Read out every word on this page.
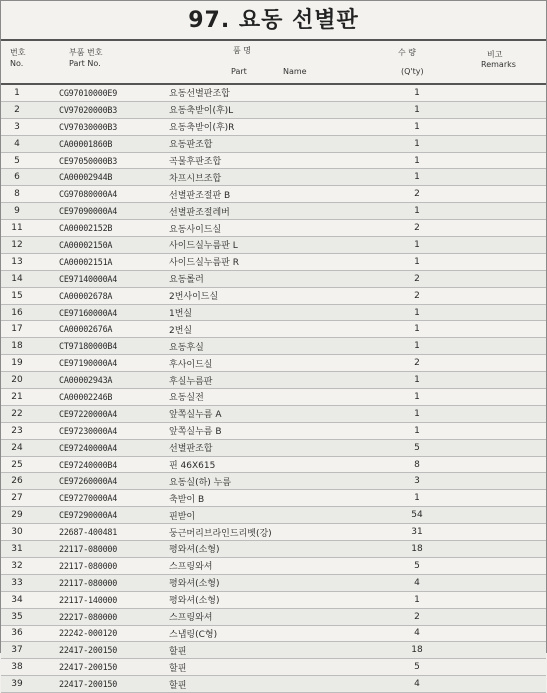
97. 요동 선별판
번호
No.
부품 번호
Part No.
품 명
Part	Name
수 량
(Q'ty)
비고
Remarks
1	CG97010000E9	요동선별판조합	1
2	CV97020000B3	요동축받이(후)L	1
3	CV97030000B3	요동축받이(후)R	1
4	CA00001860B	요동판조합	1
5	CE97050000B3	곡물후판조합	1
6	CA00002944B	차프시브조합	1
8	CG97080000A4	선별판조절판 B	2
9	CE97090000A4	선별판조절레버	1
11	CA00002152B	요동사이드실	2
12	CA00002150A	사이드실누름판 L	1
13	CA00002151A	사이드실누름판 R	1
14	CE97140000A4	요동롤러	2
15	CA00002678A	2번사이드실	2
16	CE97160000A4	1번실	1
17	CA00002676A	2번실	1
18	CT97180000B4	요동후실	1
19	CE97190000A4	후사이드실	2
20	CA00002943A	후실누름판	1
21	CA00002246B	요동실전	1
22	CE97220000A4	앞쪽실누름 A	1
23	CE97230000A4	앞쪽실누름 B	1
24	CE97240000A4	선별판조합	5
25	CE97240000B4	핀 46X615	8
26	CE97260000A4	요동실(하) 누름	3
27	CE97270000A4	축받이 B	1
29	CE97290000A4	핀받이	54
30	22687-400481	둥근머리브라인드리벳(강)	31
31	22117-080000	평와셔(소형)	18
32	22117-080000	스프링와셔	5
33	22117-080000	평와셔(소형)	4
34	22117-140000	평와셔(소형)	1
35	22217-080000	스프링와셔	2
36	22242-000120	스냅링(C형)	4
37	22417-200150	할핀	18
38	22417-200150	할핀	5
39	22417-200150	할핀	4
